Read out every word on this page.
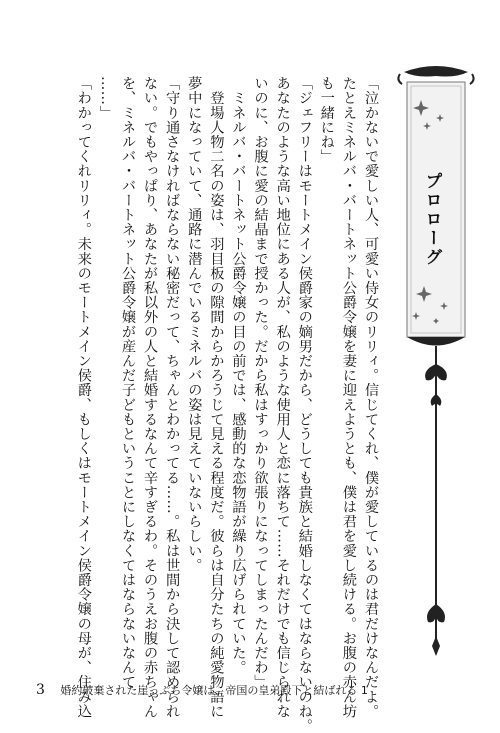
「泣かないで愛しい人、可愛い侍女のリリィ。信じてくれ、僕が愛しているのは君だけなんだよ。

たとえミネルバ・バートネット公爵令嬢を妻に迎えようとも、僕は君を愛し続ける。お腹の赤ん坊

も一緒にね」

「ジェフリーはモートメイン侯爵家の嫡男だから、どうしても貴族と結婚しなくてはならないのね。

あなたのような高い地位にある人が、私のような使用人と恋に落ちて……それだけでも信じられな

いのに、お腹に愛の結晶まで授かった。だから私はすっかり欲張りになってしまったんだわ」

　ミネルバ・バートネット公爵令嬢の目の前では、感動的な恋物語が繰り広げられていた。

　登場人物二名の姿は、羽目板の隙間からかろうじて見える程度だ。彼らは自分たちの純愛物語に

夢中になっていて、通路に潜んでいるミネルバの姿は見えていないらしい。

「守り通さなければならない秘密だって、ちゃんとわかってる……。私は世間から決して認められ

ない。でもやっぱり、あなたが私以外の人と結婚するなんて辛すぎるわ。そのうえお腹の赤ちゃん

を、ミネルバ・バートネット公爵令嬢が産んだ子どもということにしなくてはならないなんて

……」

「わかってくれリリィ。未来のモートメイン侯爵、もしくはモートメイン侯爵令嬢の母が、住み込	プロローグ
3 婚約破棄された崖っぷち令嬢は、帝国の皇弟殿下と結ばれる 1
